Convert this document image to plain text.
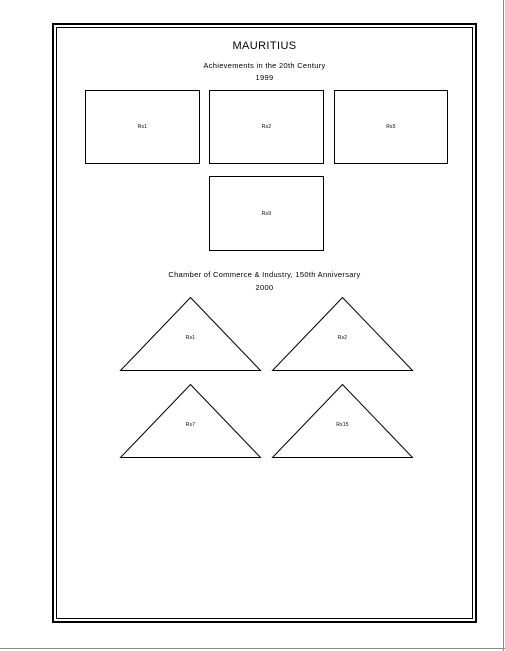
MAURITIUS
Achievements in the 20th Century
1999
Rs1	Rs2	Rs5
Rs9
Chamber of Commerce & Industry, 150th Anniversary
2000
Rs1	Rs2
Rs7	Rs15
